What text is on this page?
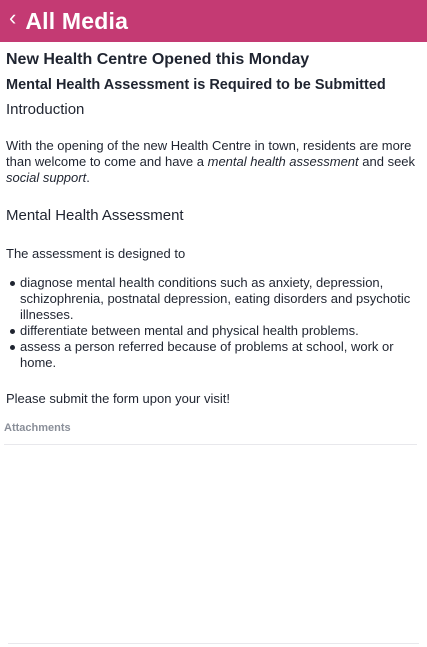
‹ All Media
New Health Centre Opened this Monday
Mental Health Assessment is Required to be Submitted
Introduction
With the opening of the new Health Centre in town, residents are more than welcome to come and have a mental health assessment and seek social support.
Mental Health Assessment
The assessment is designed to
diagnose mental health conditions such as anxiety, depression, schizophrenia, postnatal depression, eating disorders and psychotic illnesses.
differentiate between mental and physical health problems.
assess a person referred because of problems at school, work or home.
Please submit the form upon your visit!
Attachments
